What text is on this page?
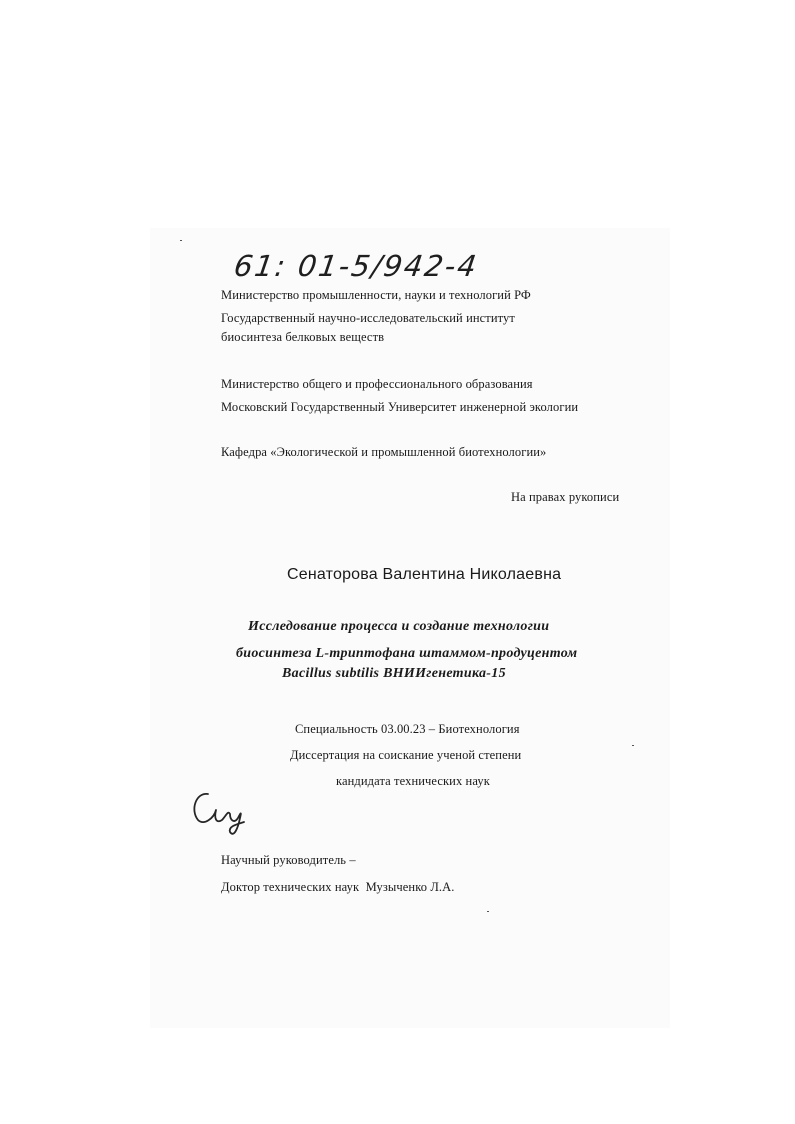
61: 01-5/942-4
Министерство промышленности, науки и технологий РФ
Государственный научно-исследовательский институт
биосинтеза белковых веществ
Министерство общего и профессионального образования
Московский Государственный Университет инженерной экологии
Кафедра «Экологической и промышленной биотехнологии»
На правах рукописи
Сенаторова Валентина Николаевна
Исследование процесса и создание технологии
биосинтеза L-триптофана штаммом-продуцентом
Bacillus subtilis ВНИИгенетика-15
Специальность 03.00.23 – Биотехнология
Диссертация на соискание ученой степени
кандидата технических наук
Научный руководитель –
Доктор технических наук  Музыченко Л.А.
